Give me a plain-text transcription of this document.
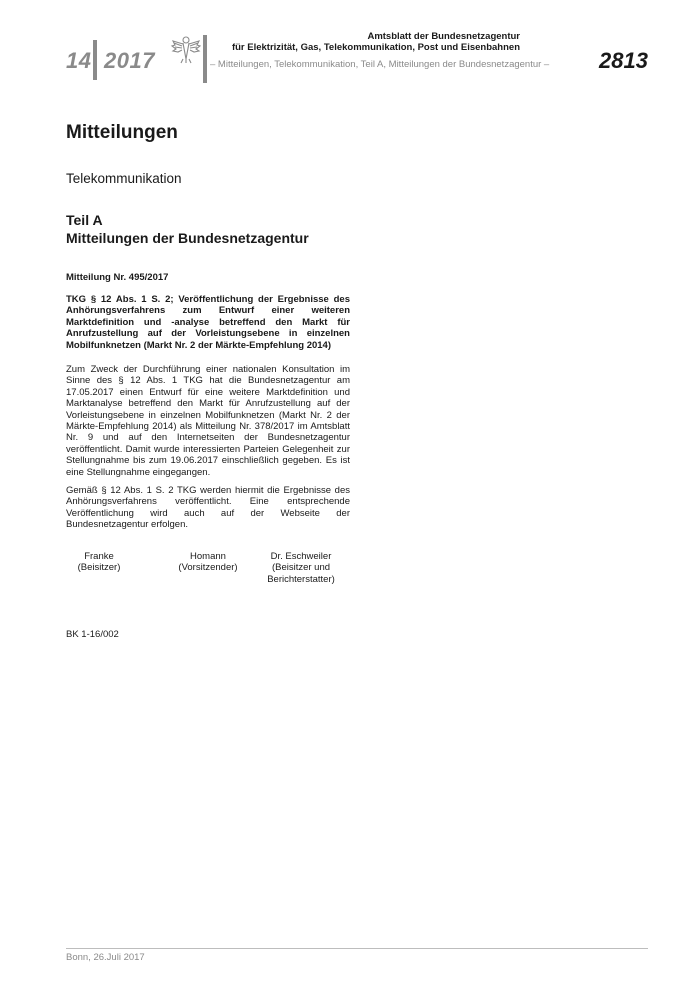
14 2017
Amtsblatt der Bundesnetzagentur
für Elektrizität, Gas, Telekommunikation, Post und Eisenbahnen
– Mitteilungen, Telekommunikation, Teil A, Mitteilungen der Bundesnetzagentur –	2813
Mitteilungen
Telekommunikation
Teil A
Mitteilungen der Bundesnetzagentur
Mitteilung Nr. 495/2017
TKG § 12 Abs. 1 S. 2; Veröffentlichung der Ergebnisse des Anhörungsverfahrens zum Entwurf einer weiteren Marktdefinition und -analyse betreffend den Markt für Anrufzustellung auf der Vorleistungsebene in einzelnen Mobilfunknetzen (Markt Nr. 2 der Märkte-Empfehlung 2014)
Zum Zweck der Durchführung einer nationalen Konsultation im Sinne des § 12 Abs. 1 TKG hat die Bundesnetzagentur am 17.05.2017 einen Entwurf für eine weitere Marktdefinition und Marktanalyse betreffend den Markt für Anrufzustellung auf der Vorleistungsebene in einzelnen Mobilfunknetzen (Markt Nr. 2 der Märkte-Empfehlung 2014) als Mitteilung Nr. 378/2017 im Amtsblatt Nr. 9 und auf den Internetseiten der Bundesnetzagentur veröffentlicht. Damit wurde interessierten Parteien Gelegenheit zur Stellungnahme bis zum 19.06.2017 einschließlich gegeben. Es ist eine Stellungnahme eingegangen.
Gemäß § 12 Abs. 1 S. 2 TKG werden hiermit die Ergebnisse des Anhörungsverfahrens veröffentlicht. Eine entsprechende Veröffentlichung wird auch auf der Webseite der Bundesnetzagentur erfolgen.
Franke
(Beisitzer)
Homann
(Vorsitzender)
Dr. Eschweiler
(Beisitzer und Berichterstatter)
BK 1-16/002
Bonn, 26.Juli 2017
